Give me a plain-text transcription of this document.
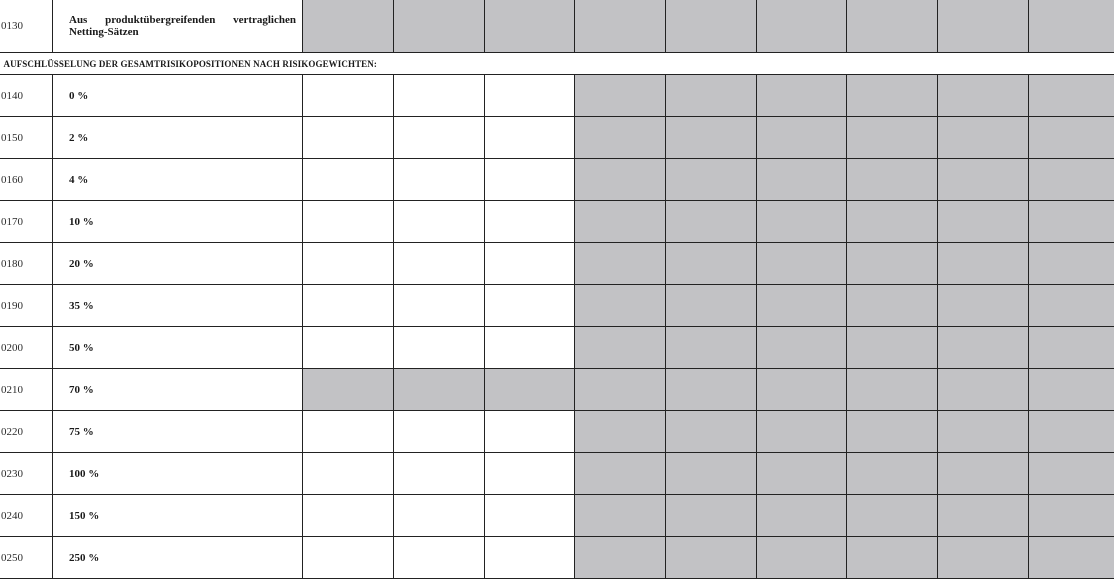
0130	Aus produktübergreifenden vertraglichen Netting-Sätzen										
AUFSCHLÜSSELUNG DER GESAMTRISIKOPOSITIONEN NACH RISIKOGEWICHTEN:											
0140	0 %										
0150	2 %										
0160	4 %										
0170	10 %										
0180	20 %										
0190	35 %										
0200	50 %										
0210	70 %										
0220	75 %										
0230	100 %										
0240	150 %										
0250	250 %										
